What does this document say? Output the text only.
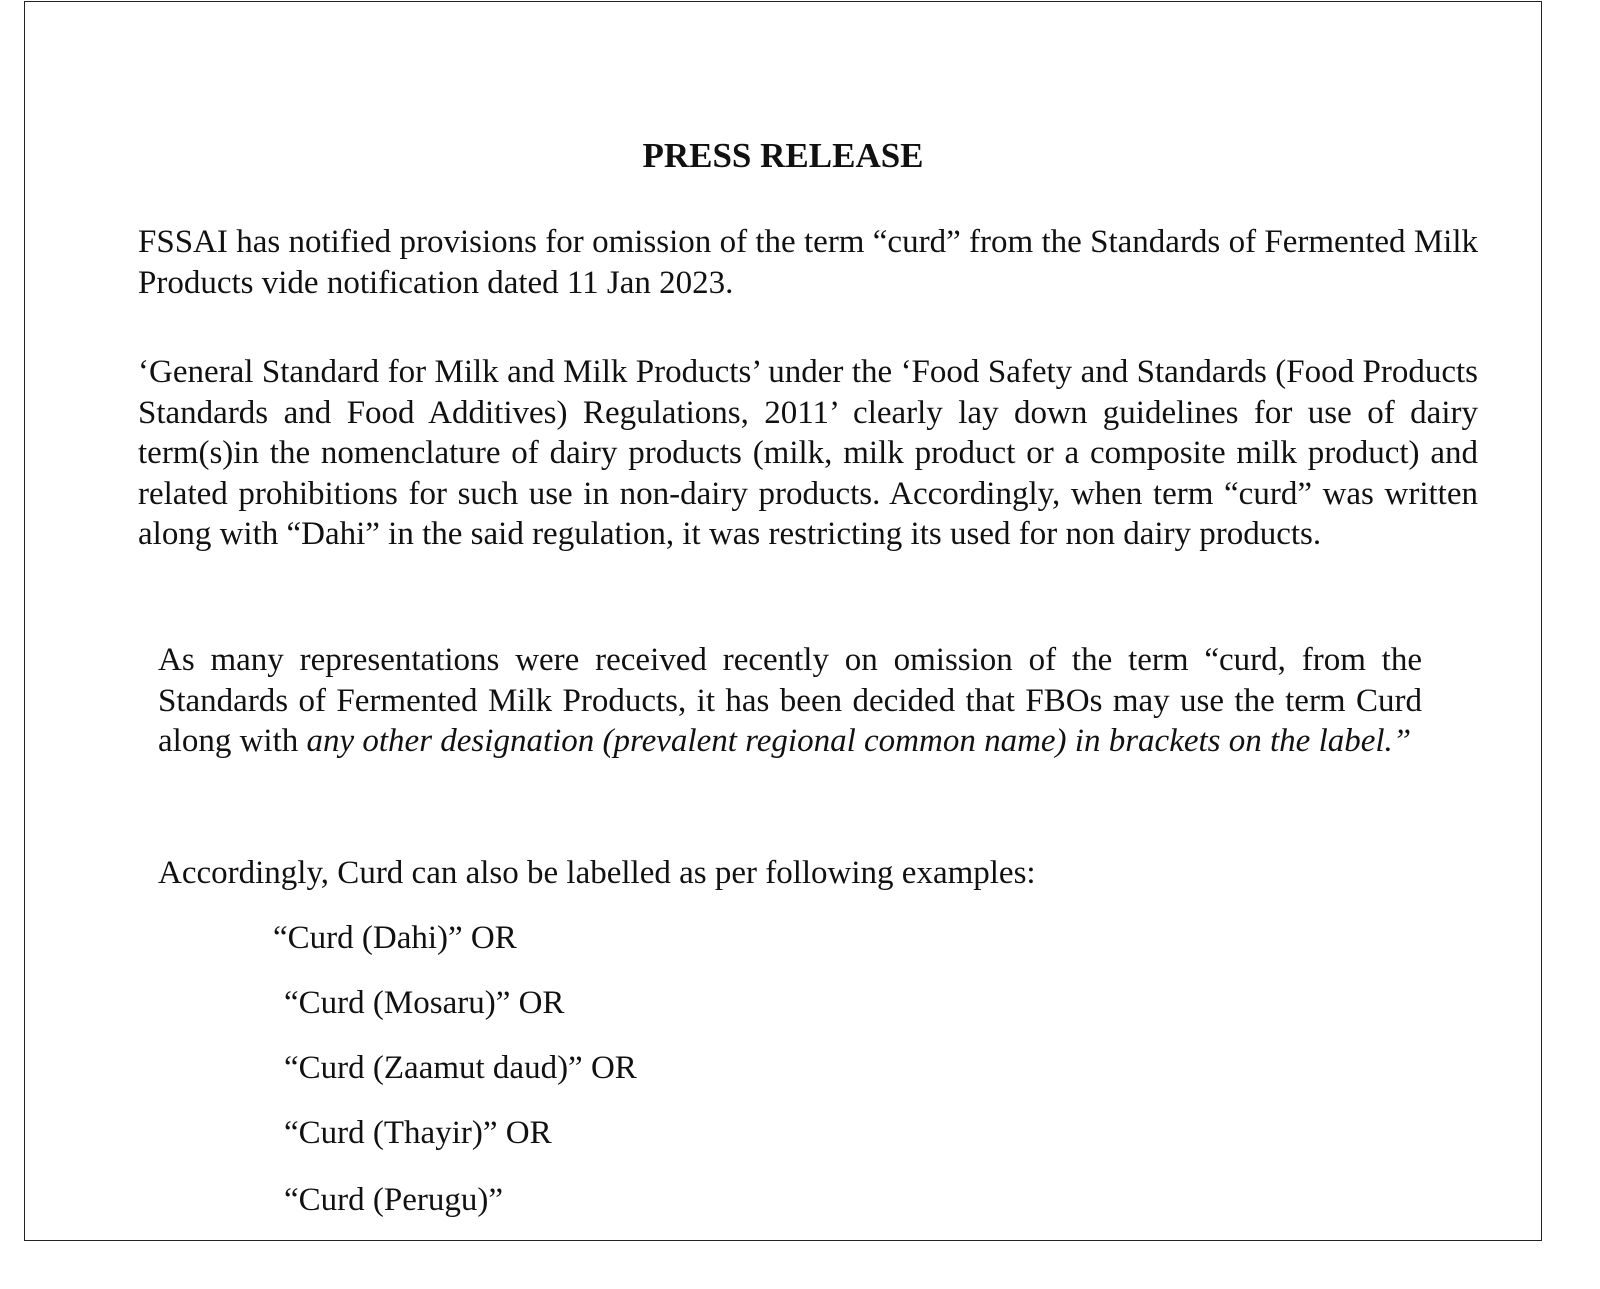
PRESS RELEASE

FSSAI has notified provisions for omission of the term “curd” from the Standards of Fermented Milk Products vide notification dated 11 Jan 2023.

‘General Standard for Milk and Milk Products’ under the ‘Food Safety and Standards (Food Products Standards and Food Additives) Regulations, 2011’ clearly lay down guidelines for use of dairy term(s)in the nomenclature of dairy products (milk, milk product or a composite milk product) and related prohibitions for such use in non-dairy products. Accordingly, when term “curd” was written along with “Dahi” in the said regulation, it was restricting its used for non dairy products.

As many representations were received recently on omission of the term “curd, from the Standards of Fermented Milk Products, it has been decided that FBOs may use the term Curd along with any other designation (prevalent regional common name) in brackets on the label.”

Accordingly, Curd can also be labelled as per following examples:

“Curd (Dahi)” OR
“Curd (Mosaru)” OR
“Curd (Zaamut daud)” OR
“Curd (Thayir)” OR
“Curd (Perugu)”
